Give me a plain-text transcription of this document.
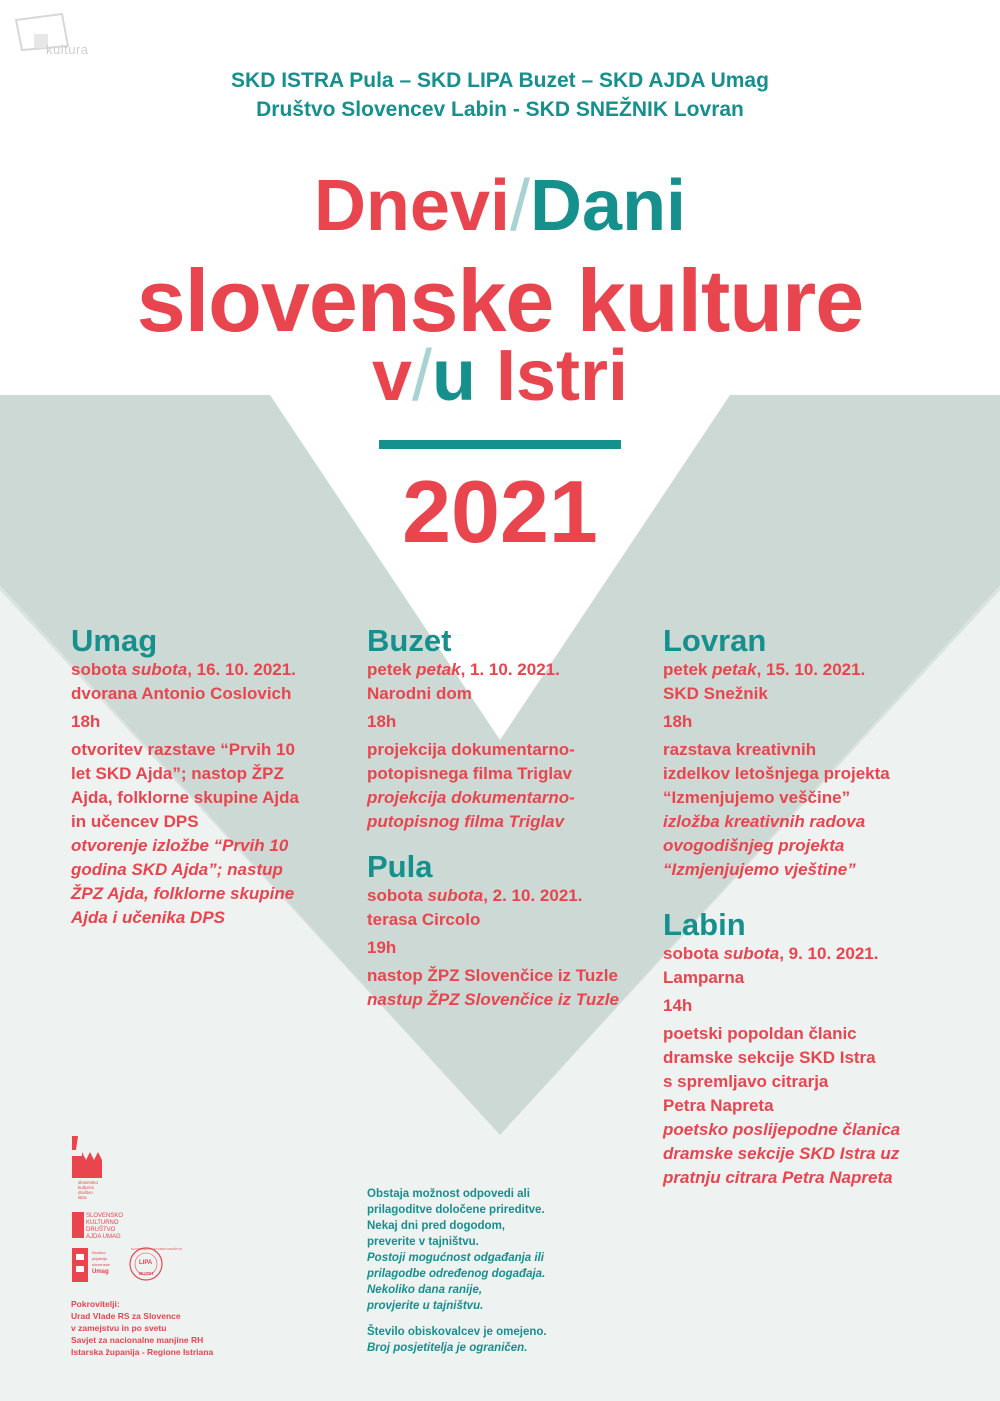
kultura
SKD ISTRA Pula – SKD LIPA Buzet – SKD AJDA Umag
Društvo Slovencev Labin - SKD SNEŽNIK Lovran
Dnevi/Dani
slovenske kulture
v/u Istri
2021
Umag
sobota subota, 16. 10. 2021.
dvorana Antonio Coslovich
18h
otvoritev razstave “Prvih 10
let SKD Ajda”; nastop ŽPZ
Ajda, folklorne skupine Ajda
in učencev DPS
otvorenje izložbe “Prvih 10
godina SKD Ajda”; nastup
ŽPZ Ajda, folklorne skupine
Ajda i učenika DPS
Buzet
petek petak, 1. 10. 2021.
Narodni dom
18h
projekcija dokumentarno-
potopisnega filma Triglav
projekcija dokumentarno-
putopisnog filma Triglav
Pula
sobota subota, 2. 10. 2021.
terasa Circolo
19h
nastop ŽPZ Slovenčice iz Tuzle
nastup ŽPZ Slovenčice iz Tuzle
Lovran
petek petak, 15. 10. 2021.
SKD Snežnik
18h
razstava kreativnih
izdelkov letošnjega projekta
“Izmenjujemo veščine”
izložba kreativnih radova
ovogodišnjeg projekta
“Izmjenjujemo vještine”
Labin
sobota subota, 9. 10. 2021.
Lamparna
14h
poetski popoldan članic
dramske sekcije SKD Istra
s spremljavo citrarja
Petra Napreta
poetsko poslijepodne članica
dramske sekcije SKD Istra uz
pratnju citrara Petra Napreta
Obstaja možnost odpovedi ali
prilagoditve določene prireditve.
Nekaj dni pred dogodom,
preverite v tajništvu.
Postoji mogućnost odgađanja ili
prilagodbe određenog događaja.
Nekoliko dana ranije,
provjerite u tajništvu.
Število obiskovalcev je omejeno.
Broj posjetitelja je ograničen.
slovensko
kulturno
društvo
istra
SLOVENSKO
KULTURNO
DRUŠTVO
AJDA UMAG
Društvo
prijatelja
slovenske
Umag
SLOVENSKO KULTURNO DRUŠTVO
LIPA
BUZET
Pokrovitelji:
Urad Vlade RS za Slovence
v zamejstvu in po svetu
Savjet za nacionalne manjine RH
Istarska županija - Regione Istriana
